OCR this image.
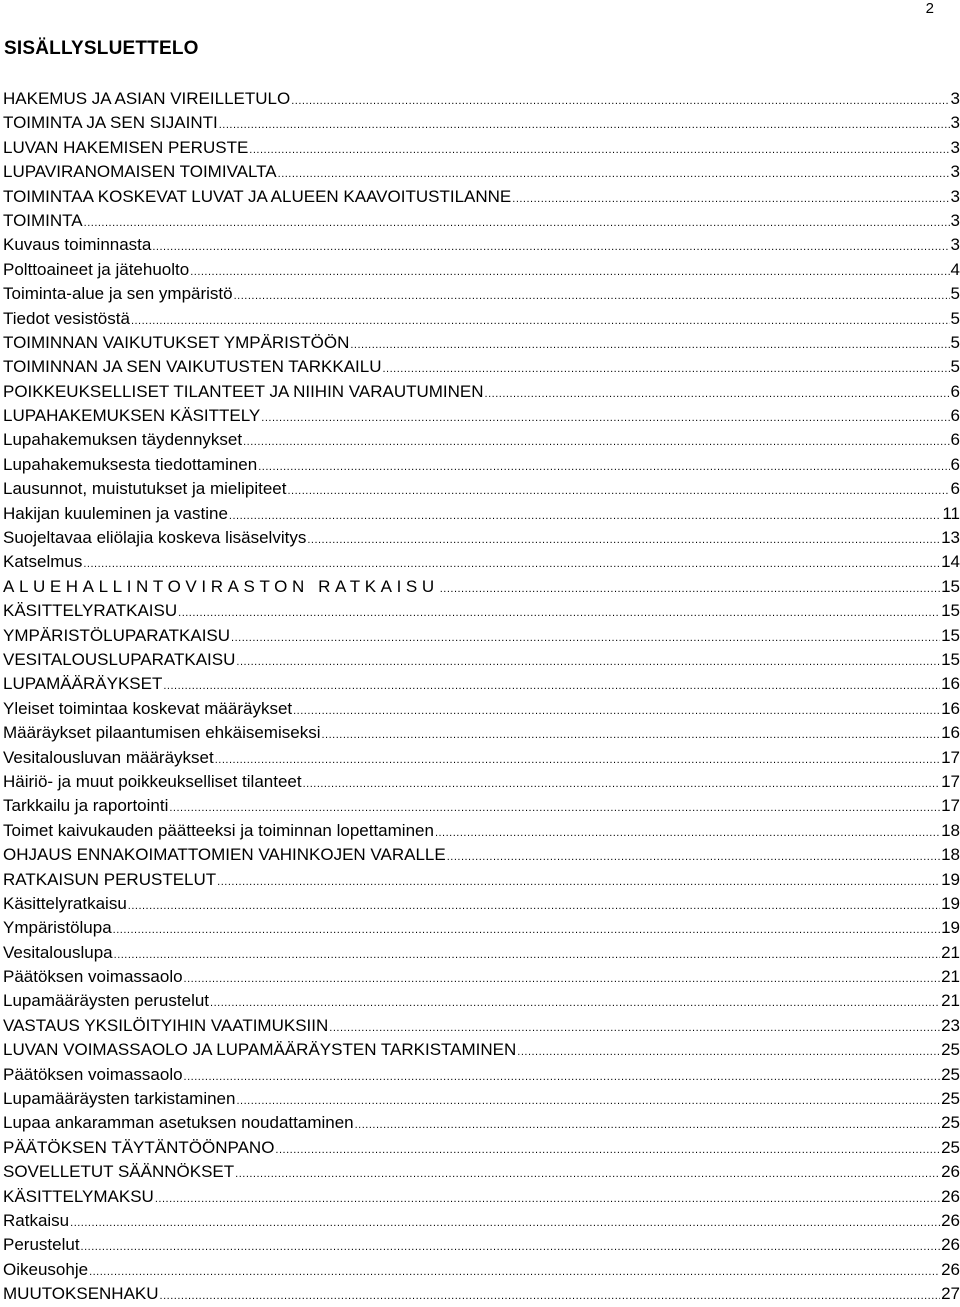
2
SISÄLLYSLUETTELO
HAKEMUS JA ASIAN VIREILLETULO .....	3
TOIMINTA JA SEN SIJAINTI .....	3
LUVAN HAKEMISEN PERUSTE .....	3
LUPAVIRANOMAISEN TOIMIVALTA .....	3
TOIMINTAA KOSKEVAT LUVAT JA ALUEEN KAAVOITUSTILANNE .....	3
TOIMINTA .....	3
Kuvaus toiminnasta .....	3
Polttoaineet ja jätehuolto .....	4
Toiminta-alue ja sen ympäristö .....	5
Tiedot vesistöstä .....	5
TOIMINNAN VAIKUTUKSET YMPÄRISTÖÖN .....	5
TOIMINNAN JA SEN VAIKUTUSTEN TARKKAILU .....	5
POIKKEUKSELLISET TILANTEET JA NIIHIN VARAUTUMINEN .....	6
LUPAHAKEMUKSEN KÄSITTELY .....	6
Lupahakemuksen täydennykset .....	6
Lupahakemuksesta tiedottaminen .....	6
Lausunnot, muistutukset ja mielipiteet .....	6
Hakijan kuuleminen ja vastine .....	11
Suojeltavaa eliölajia koskeva lisäselvitys .....	13
Katselmus .....	14
ALUEHALLINTOVIRASTON RATKAISU .....	15
KÄSITTELYRATKAISU .....	15
YMPÄRISTÖLUPARATKAISU .....	15
VESITALOUSLUPARATKAISU .....	15
LUPAMÄÄRÄYKSET .....	16
Yleiset toimintaa koskevat määräykset .....	16
Määräykset pilaantumisen ehkäisemiseksi .....	16
Vesitalousluvan määräykset .....	17
Häiriö- ja muut poikkeukselliset tilanteet .....	17
Tarkkailu ja raportointi .....	17
Toimet kaivukauden päätteeksi ja toiminnan lopettaminen .....	18
OHJAUS ENNAKOIMATTOMIEN VAHINKOJEN VARALLE .....	18
RATKAISUN PERUSTELUT .....	19
Käsittelyratkaisu .....	19
Ympäristölupa .....	19
Vesitalouslupa .....	21
Päätöksen voimassaolo .....	21
Lupamääräysten perustelut .....	21
VASTAUS YKSILÖITYIHIN VAATIMUKSIIN .....	23
LUVAN VOIMASSAOLO JA LUPAMÄÄRÄYSTEN TARKISTAMINEN .....	25
Päätöksen voimassaolo .....	25
Lupamääräysten tarkistaminen .....	25
Lupaa ankaramman asetuksen noudattaminen .....	25
PÄÄTÖKSEN TÄYTÄNTÖÖNPANO .....	25
SOVELLETUT SÄÄNNÖKSET .....	26
KÄSITTELYMAKSU .....	26
Ratkaisu .....	26
Perustelut .....	26
Oikeusohje .....	26
MUUTOKSENHAKU .....	27
